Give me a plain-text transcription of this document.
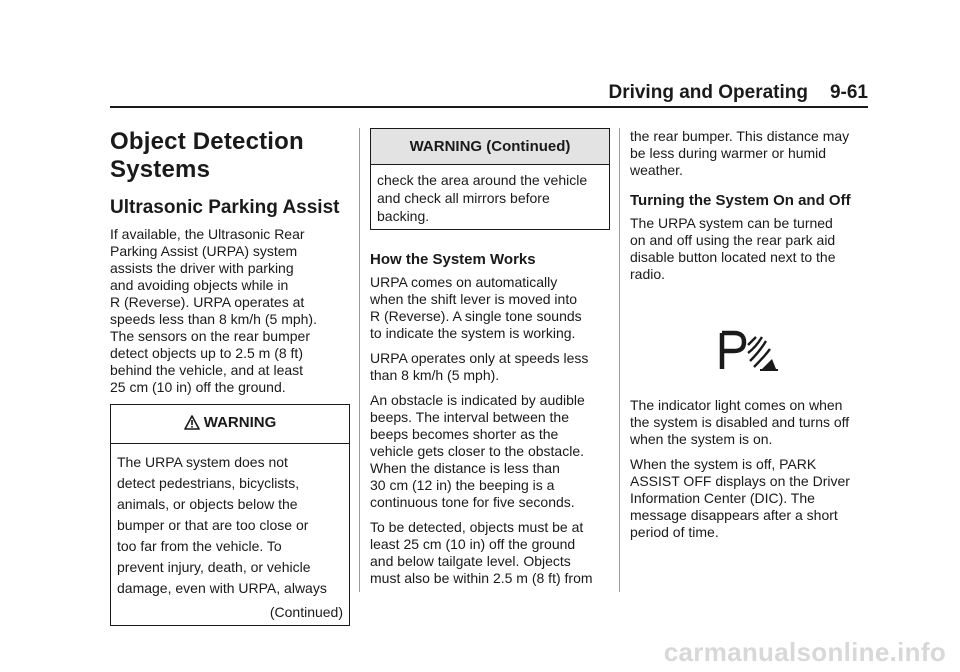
Driving and Operating 9-61
Object Detection
Systems
Ultrasonic Parking Assist

If available, the Ultrasonic Rear
Parking Assist (URPA) system
assists the driver with parking
and avoiding objects while in
R (Reverse). URPA operates at
speeds less than 8 km/h (5 mph).
The sensors on the rear bumper
detect objects up to 2.5 m (8 ft)
behind the vehicle, and at least
25 cm (10 in) off the ground.

WARNING
The URPA system does not
detect pedestrians, bicyclists,
animals, or objects below the
bumper or that are too close or
too far from the vehicle. To
prevent injury, death, or vehicle
damage, even with URPA, always
(Continued)
WARNING (Continued)
check the area around the vehicle
and check all mirrors before
backing.
How the System Works

URPA comes on automatically
when the shift lever is moved into
R (Reverse). A single tone sounds
to indicate the system is working.

URPA operates only at speeds less
than 8 km/h (5 mph).

An obstacle is indicated by audible
beeps. The interval between the
beeps becomes shorter as the
vehicle gets closer to the obstacle.
When the distance is less than
30 cm (12 in) the beeping is a
continuous tone for five seconds.

To be detected, objects must be at
least 25 cm (10 in) off the ground
and below tailgate level. Objects
must also be within 2.5 m (8 ft) from

the rear bumper. This distance may
be less during warmer or humid
weather.

Turning the System On and Off

The URPA system can be turned
on and off using the rear park aid
disable button located next to the
radio.

The indicator light comes on when
the system is disabled and turns off
when the system is on.

When the system is off, PARK
ASSIST OFF displays on the Driver
Information Center (DIC). The
message disappears after a short
period of time.

carmanualsonline.info
